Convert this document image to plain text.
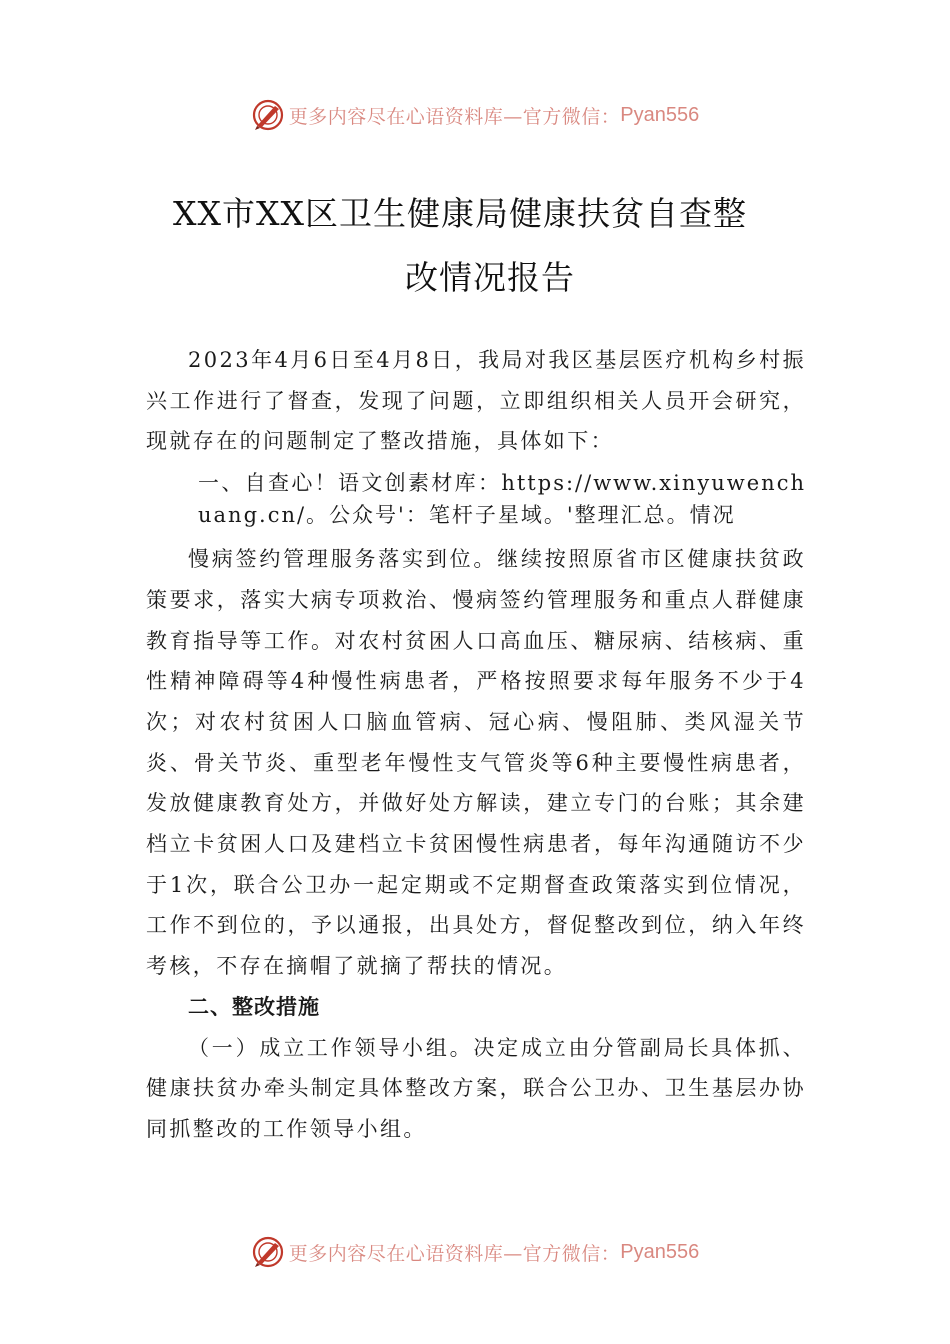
更多内容尽在心语资料库—官方微信： Pyan556
XX市XX区卫生健康局健康扶贫自查整
改情况报告

2023年4月6日至4月8日，我局对我区基层医疗机构乡村振兴工作进行了督查，发现了问题，立即组织相关人员开会研究，现就存在的问题制定了整改措施，具体如下：

一、自查心！语文创素材库：https://www.xinyuwenchuang.cn/。公众号'：笔杆子星域。'整理汇总。情况

慢病签约管理服务落实到位。继续按照原省市区健康扶贫政策要求，落实大病专项救治、慢病签约管理服务和重点人群健康教育指导等工作。对农村贫困人口高血压、糖尿病、结核病、重性精神障碍等4种慢性病患者，严格按照要求每年服务不少于4次；对农村贫困人口脑血管病、冠心病、慢阻肺、类风湿关节炎、骨关节炎、重型老年慢性支气管炎等6种主要慢性病患者，发放健康教育处方，并做好处方解读，建立专门的台账；其余建档立卡贫困人口及建档立卡贫困慢性病患者，每年沟通随访不少于1次，联合公卫办一起定期或不定期督查政策落实到位情况，工作不到位的，予以通报，出具处方，督促整改到位，纳入年终考核，不存在摘帽了就摘了帮扶的情况。

二、整改措施

（一）成立工作领导小组。决定成立由分管副局长具体抓、健康扶贫办牵头制定具体整改方案，联合公卫办、卫生基层办协同抓整改的工作领导小组。

更多内容尽在心语资料库—官方微信： Pyan556
